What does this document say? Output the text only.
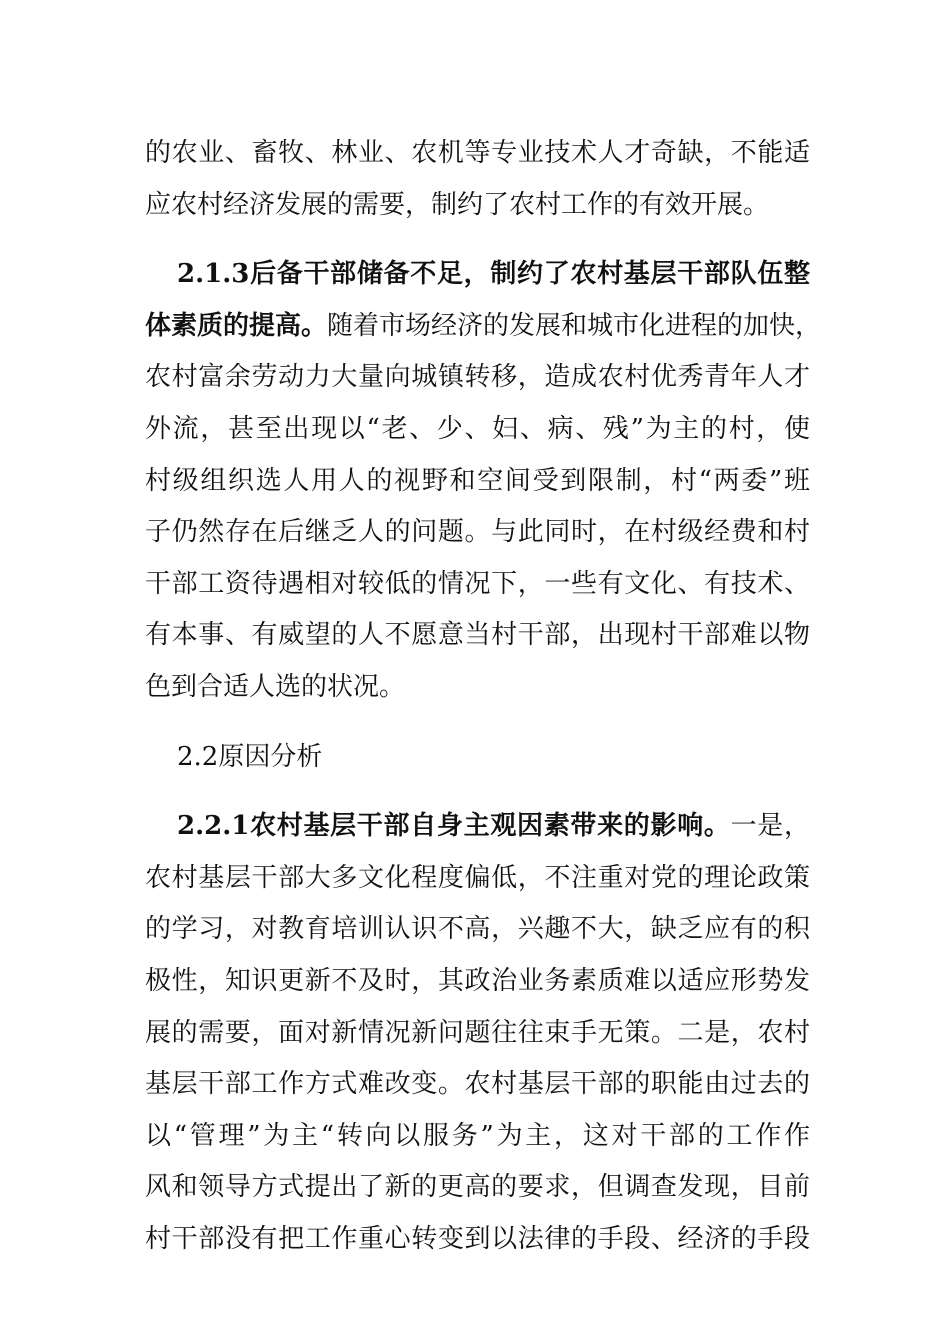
的农业、畜牧、林业、农机等专业技术人才奇缺，不能适
应农村经济发展的需要，制约了农村工作的有效开展。
2.1.3后备干部储备不足，制约了农村基层干部队伍整
体素质的提高。随着市场经济的发展和城市化进程的加快，
农村富余劳动力大量向城镇转移，造成农村优秀青年人才
外流，甚至出现以“老、少、妇、病、残”为主的村，使
村级组织选人用人的视野和空间受到限制，村“两委”班
子仍然存在后继乏人的问题。与此同时，在村级经费和村
干部工资待遇相对较低的情况下，一些有文化、有技术、
有本事、有威望的人不愿意当村干部，出现村干部难以物
色到合适人选的状况。
2.2原因分析
2.2.1农村基层干部自身主观因素带来的影响。一是，
农村基层干部大多文化程度偏低，不注重对党的理论政策
的学习，对教育培训认识不高，兴趣不大，缺乏应有的积
极性，知识更新不及时，其政治业务素质难以适应形势发
展的需要，面对新情况新问题往往束手无策。二是，农村
基层干部工作方式难改变。农村基层干部的职能由过去的
以“管理”为主“转向以服务”为主，这对干部的工作作
风和领导方式提出了新的更高的要求，但调查发现，目前
村干部没有把工作重心转变到以法律的手段、经济的手段
